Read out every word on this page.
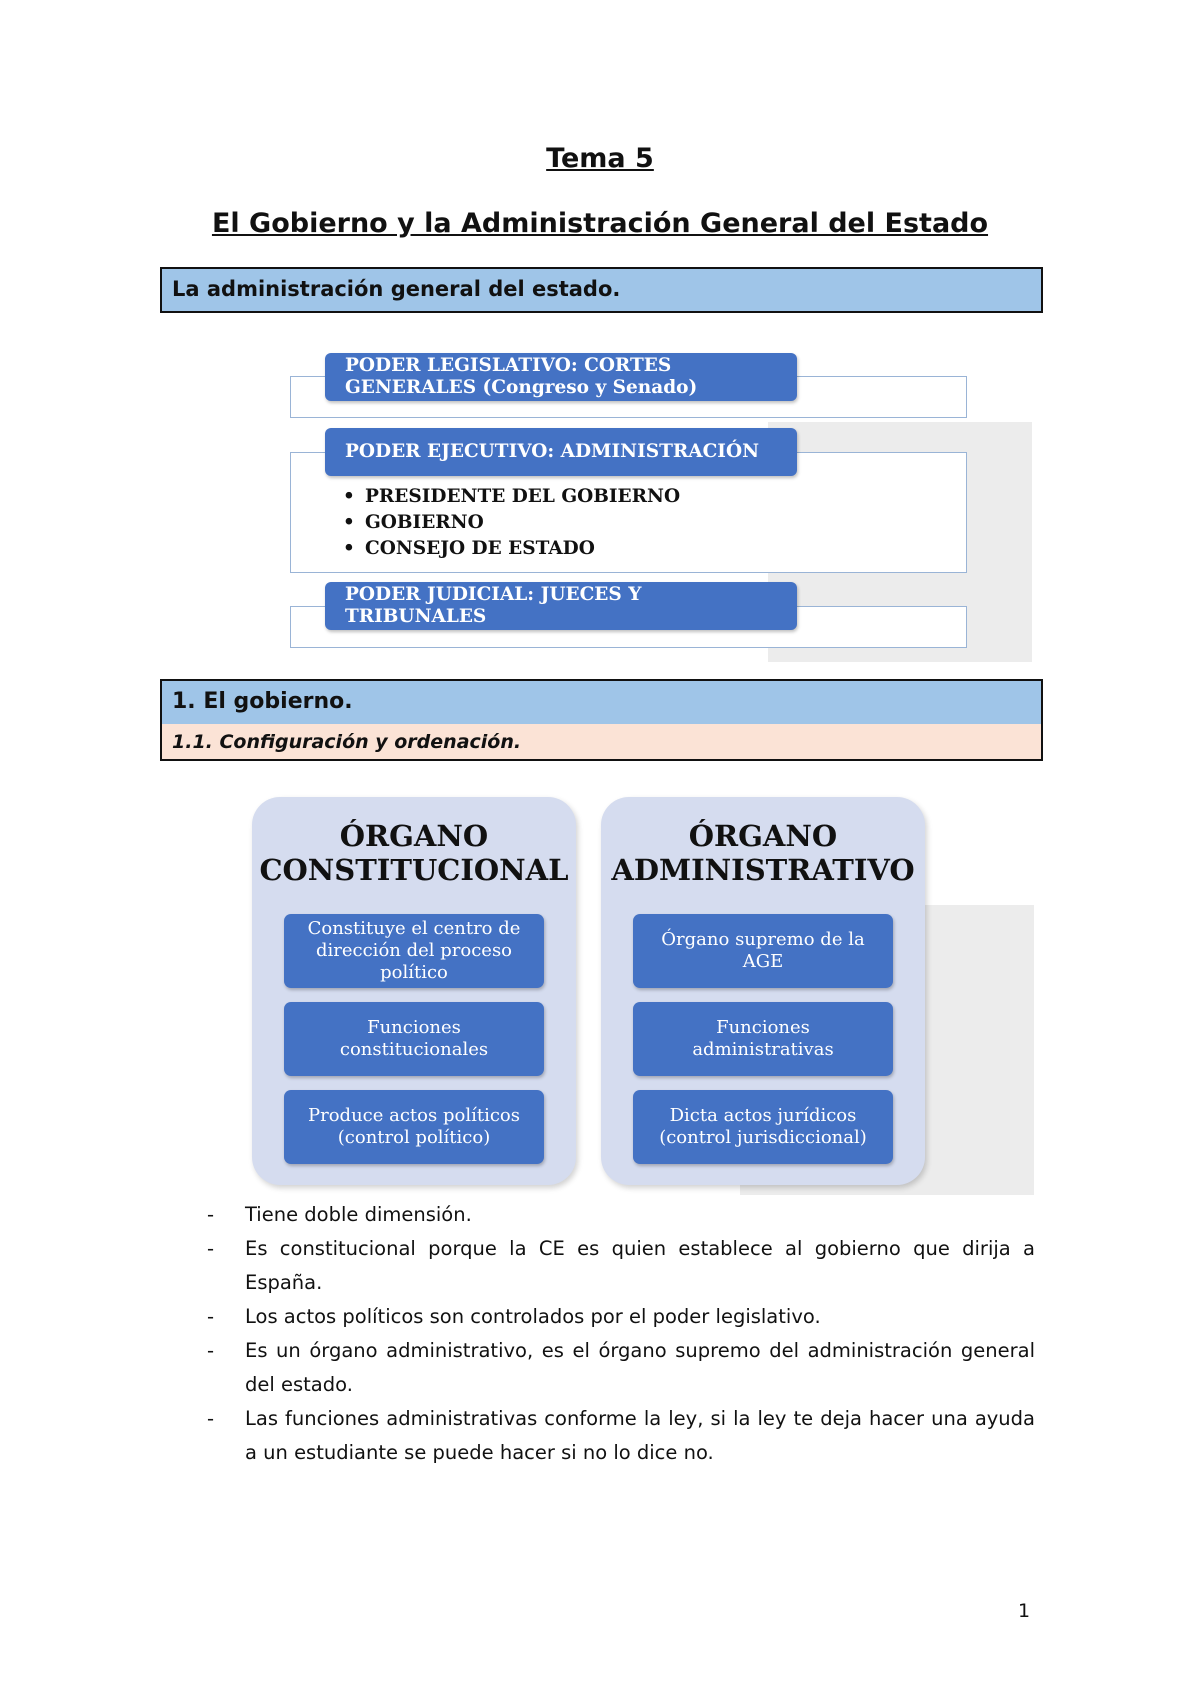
Tema 5
El Gobierno y la Administración General del Estado
La administración general del estado.
PODER LEGISLATIVO: CORTES GENERALES (Congreso y Senado)
PODER EJECUTIVO: ADMINISTRACIÓN
• PRESIDENTE DEL GOBIERNO
• GOBIERNO
• CONSEJO DE ESTADO
PODER JUDICIAL: JUECES Y TRIBUNALES
1. El gobierno.
1.1. Configuración y ordenación.
ÓRGANO CONSTITUCIONAL
Constituye el centro de dirección del proceso político
Funciones constitucionales
Produce actos políticos (control político)
ÓRGANO ADMINISTRATIVO
Órgano supremo de la AGE
Funciones administrativas
Dicta actos jurídicos (control jurisdiccional)
- Tiene doble dimensión.
- Es constitucional porque la CE es quien establece al gobierno que dirija a España.
- Los actos políticos son controlados por el poder legislativo.
- Es un órgano administrativo, es el órgano supremo del administración general del estado.
- Las funciones administrativas conforme la ley, si la ley te deja hacer una ayuda a un estudiante se puede hacer si no lo dice no.
1
